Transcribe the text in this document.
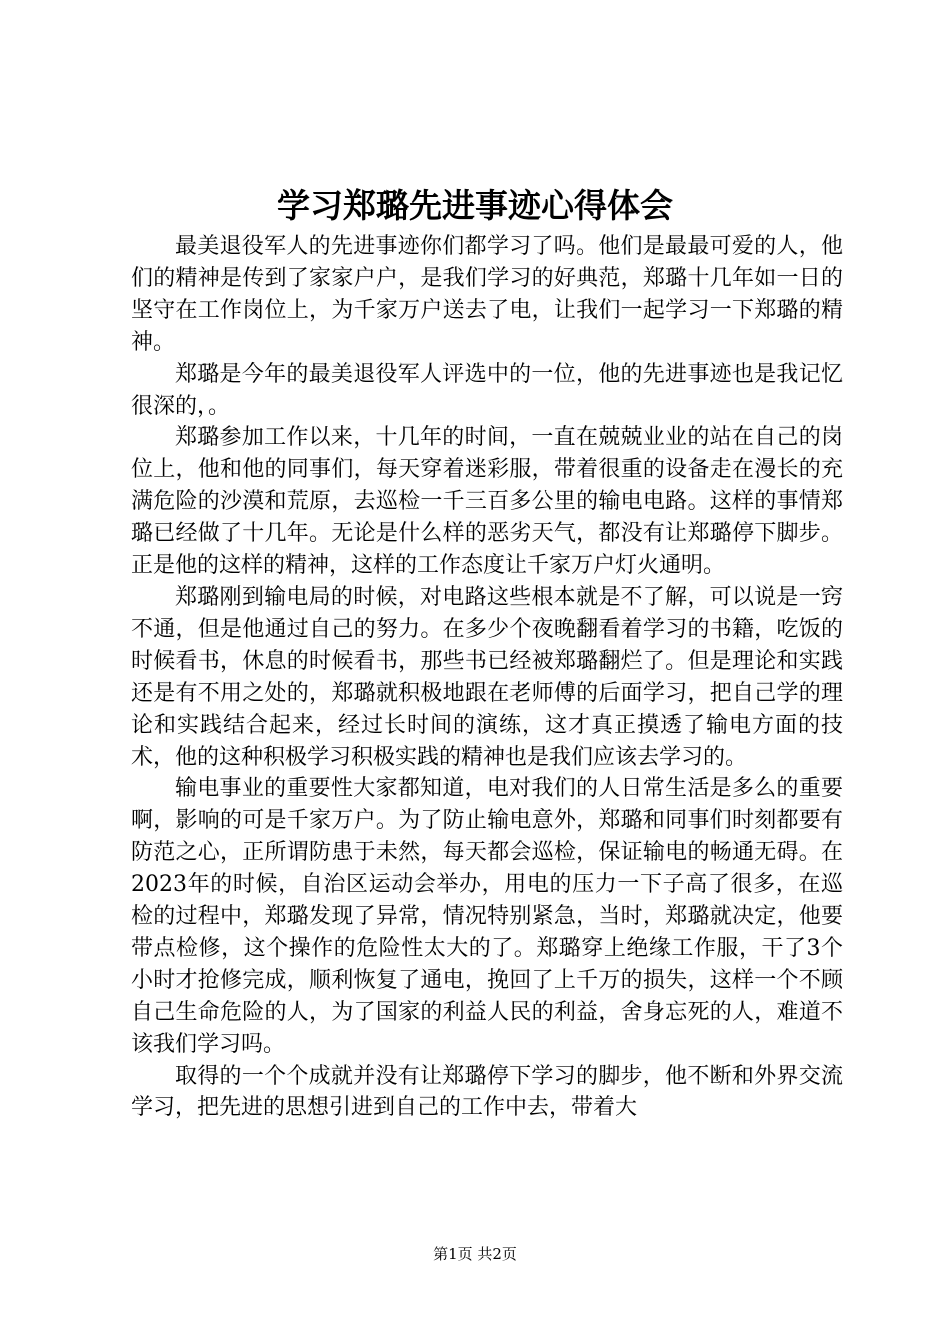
学习郑璐先进事迹心得体会

最美退役军人的先进事迹你们都学习了吗。他们是最最可爱的人，他们的精神是传到了家家户户，是我们学习的好典范，郑璐十几年如一日的坚守在工作岗位上，为千家万户送去了电，让我们一起学习一下郑璐的精神。

郑璐是今年的最美退役军人评选中的一位，他的先进事迹也是我记忆很深的，。

郑璐参加工作以来，十几年的时间，一直在兢兢业业的站在自己的岗位上，他和他的同事们，每天穿着迷彩服，带着很重的设备走在漫长的充满危险的沙漠和荒原，去巡检一千三百多公里的输电电路。这样的事情郑璐已经做了十几年。无论是什么样的恶劣天气，都没有让郑璐停下脚步。正是他的这样的精神，这样的工作态度让千家万户灯火通明。

郑璐刚到输电局的时候，对电路这些根本就是不了解，可以说是一窍不通，但是他通过自己的努力。在多少个夜晚翻看着学习的书籍，吃饭的时候看书，休息的时候看书，那些书已经被郑璐翻烂了。但是理论和实践还是有不用之处的，郑璐就积极地跟在老师傅的后面学习，把自己学的理论和实践结合起来，经过长时间的演练，这才真正摸透了输电方面的技术，他的这种积极学习积极实践的精神也是我们应该去学习的。

输电事业的重要性大家都知道，电对我们的人日常生活是多么的重要啊，影响的可是千家万户。为了防止输电意外，郑璐和同事们时刻都要有防范之心，正所谓防患于未然，每天都会巡检，保证输电的畅通无碍。在2023年的时候，自治区运动会举办，用电的压力一下子高了很多，在巡检的过程中，郑璐发现了异常，情况特别紧急，当时，郑璐就决定，他要带点检修，这个操作的危险性太大的了。郑璐穿上绝缘工作服，干了3个小时才抢修完成，顺利恢复了通电，挽回了上千万的损失，这样一个不顾自己生命危险的人，为了国家的利益人民的利益，舍身忘死的人，难道不该我们学习吗。

取得的一个个成就并没有让郑璐停下学习的脚步，他不断和外界交流学习，把先进的思想引进到自己的工作中去，带着大

第1页 共2页
